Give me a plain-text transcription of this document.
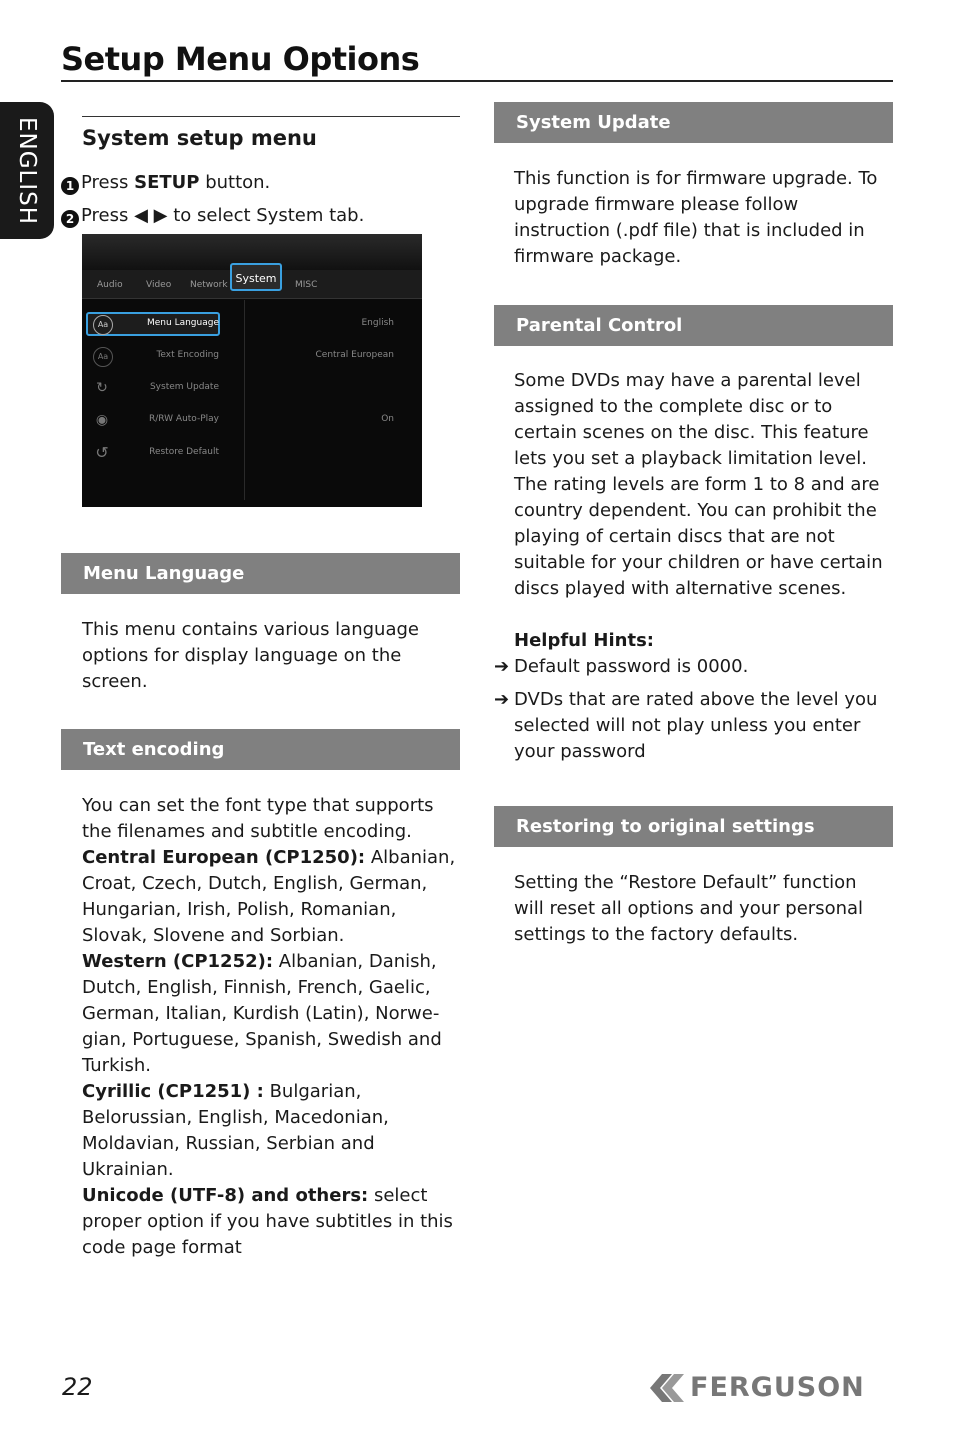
Setup Menu Options
ENGLISH System setup menu
1 Press SETUP button.
2 Press ◀ ▶ to select System tab.
Audio	Video Network System	MISC
Aa	Menu Language	English
Aa	Text Encoding	Central European
↻	System Update
◉	R/RW Auto-Play	On
↺	Restore Default
Menu Language
This menu contains various language options for display language on the screen.
Text encoding
You can set the font type that supports the filenames and subtitle encoding.
Central European (CP1250): Albanian, Croat, Czech, Dutch, English, German, Hungarian, Irish, Polish, Romanian, Slovak, Slovene and Sorbian.
Western (CP1252): Albanian, Danish, Dutch, English, Finnish, French, Gaelic, German, Italian, Kurdish (Latin), Norwe-gian, Portuguese, Spanish, Swedish and Turkish.
Cyrillic (CP1251) : Bulgarian, Belorussian, English, Macedonian, Moldavian, Russian, Serbian and Ukrainian.
Unicode (UTF-8) and others: select proper option if you have subtitles in this code page format
System Update
This function is for firmware upgrade. To upgrade firmware please follow instruction (.pdf file) that is included in firmware package.
Parental Control
Some DVDs may have a parental level assigned to the complete disc or to certain scenes on the disc. This feature lets you set a playback limitation level. The rating levels are form 1 to 8 and are country dependent. You can prohibit the playing of certain discs that are not suitable for your children or have certain discs played with alternative scenes.
Helpful Hints:
➔ Default password is 0000.
➔ DVDs that are rated above the level you selected will not play unless you enter your password
Restoring to original settings
Setting the “Restore Default” function will reset all options and your personal settings to the factory defaults.
22	FERGUSON
